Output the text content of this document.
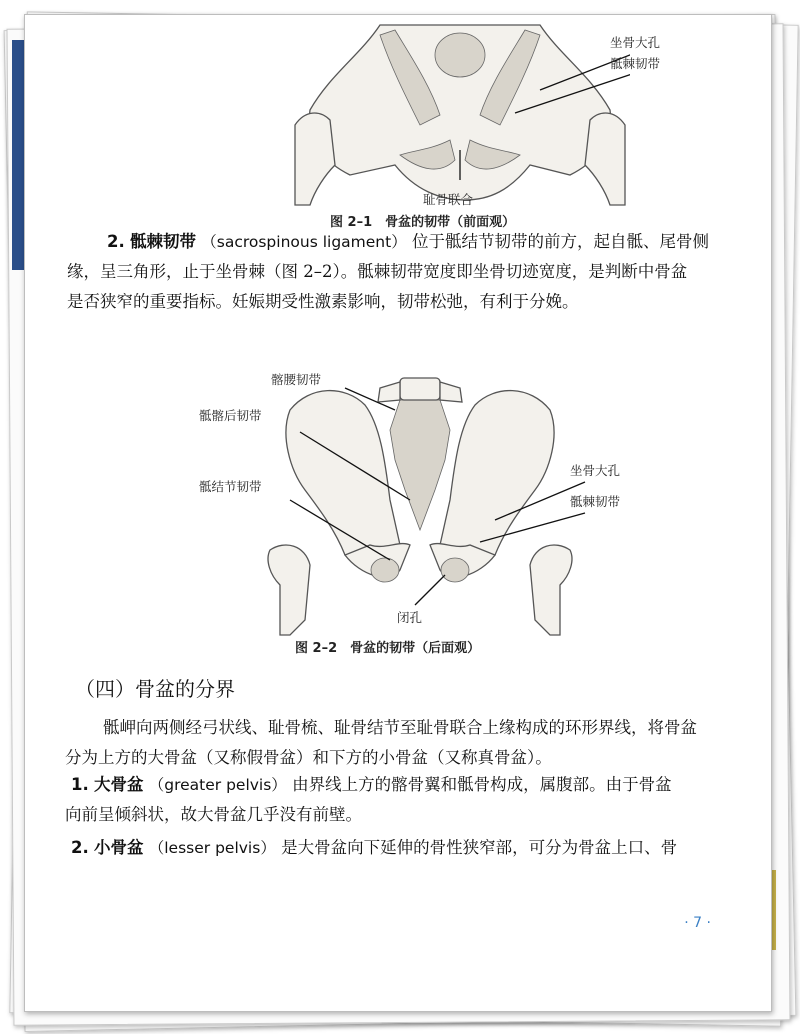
坐骨大孔
骶棘韧带
耻骨联合
图 2–1　骨盆的韧带（前面观）
2. 骶棘韧带 （sacrospinous ligament） 位于骶结节韧带的前方，起自骶、尾骨侧
缘，呈三角形，止于坐骨棘（图 2–2）。骶棘韧带宽度即坐骨切迹宽度，是判断中骨盆
是否狭窄的重要指标。妊娠期受性激素影响，韧带松弛，有利于分娩。
髂腰韧带
骶髂后韧带
骶结节韧带
坐骨大孔
骶棘韧带
闭孔
图 2–2　骨盆的韧带（后面观）
（四）骨盆的分界
骶岬向两侧经弓状线、耻骨梳、耻骨结节至耻骨联合上缘构成的环形界线，将骨盆
分为上方的大骨盆（又称假骨盆）和下方的小骨盆（又称真骨盆）。
1. 大骨盆 （greater pelvis） 由界线上方的髂骨翼和骶骨构成，属腹部。由于骨盆
向前呈倾斜状，故大骨盆几乎没有前壁。
2. 小骨盆 （lesser pelvis） 是大骨盆向下延伸的骨性狭窄部，可分为骨盆上口、骨
· 7 ·
